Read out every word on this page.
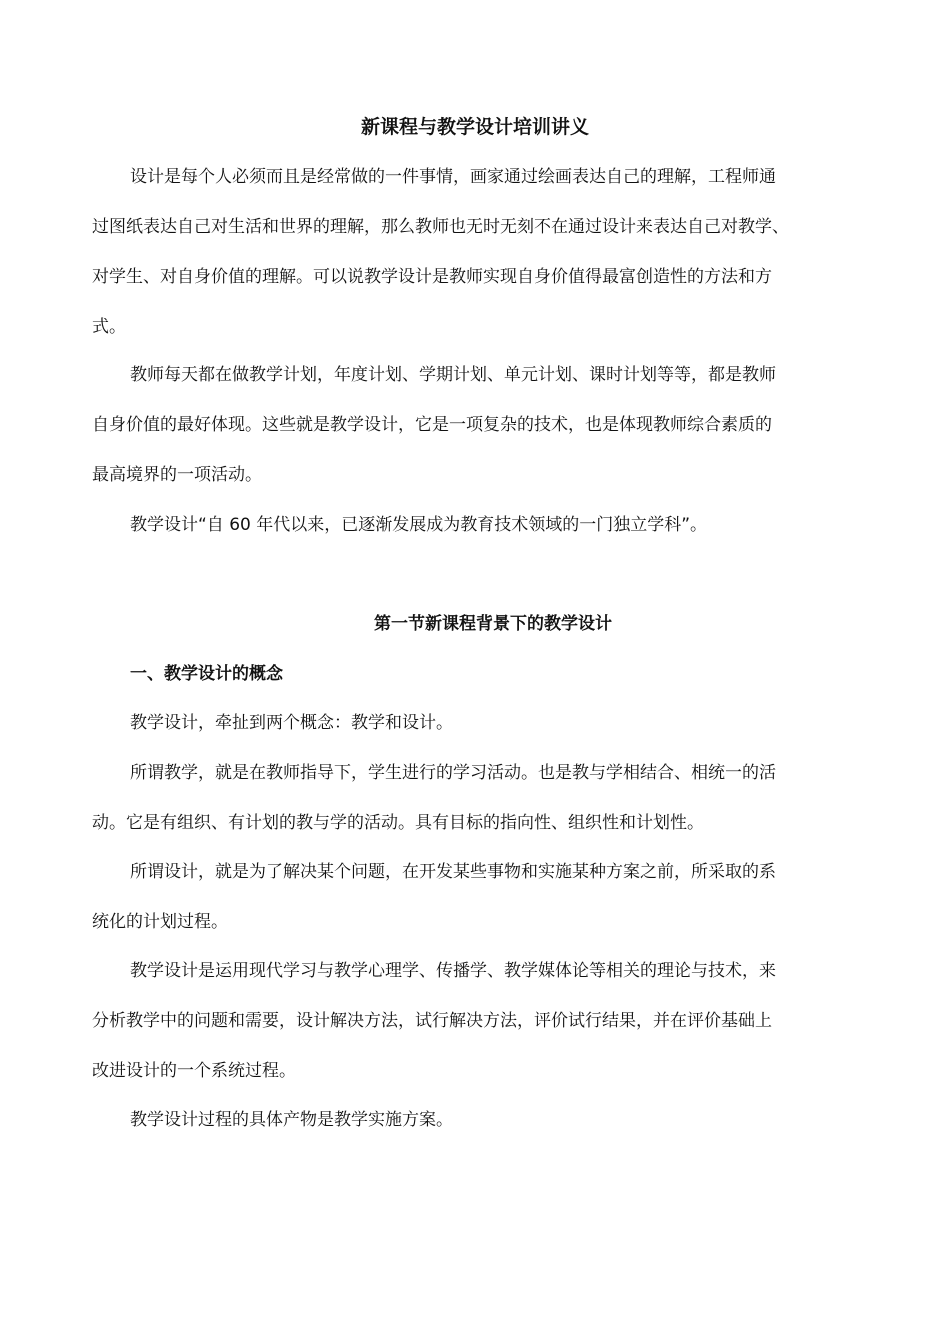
新课程与教学设计培训讲义
设计是每个人必须而且是经常做的一件事情，画家通过绘画表达自己的理解，工程师通
过图纸表达自己对生活和世界的理解，那么教师也无时无刻不在通过设计来表达自己对教学、
对学生、对自身价值的理解。可以说教学设计是教师实现自身价值得最富创造性的方法和方
式。
教师每天都在做教学计划，年度计划、学期计划、单元计划、课时计划等等，都是教师
自身价值的最好体现。这些就是教学设计，它是一项复杂的技术，也是体现教师综合素质的
最高境界的一项活动。
教学设计“自 60 年代以来，已逐渐发展成为教育技术领域的一门独立学科”。
第一节新课程背景下的教学设计
一、教学设计的概念
教学设计，牵扯到两个概念：教学和设计。
所谓教学，就是在教师指导下，学生进行的学习活动。也是教与学相结合、相统一的活
动。它是有组织、有计划的教与学的活动。具有目标的指向性、组织性和计划性。
所谓设计，就是为了解决某个问题，在开发某些事物和实施某种方案之前，所采取的系
统化的计划过程。
教学设计是运用现代学习与教学心理学、传播学、教学媒体论等相关的理论与技术，来
分析教学中的问题和需要，设计解决方法，试行解决方法，评价试行结果，并在评价基础上
改进设计的一个系统过程。
教学设计过程的具体产物是教学实施方案。
